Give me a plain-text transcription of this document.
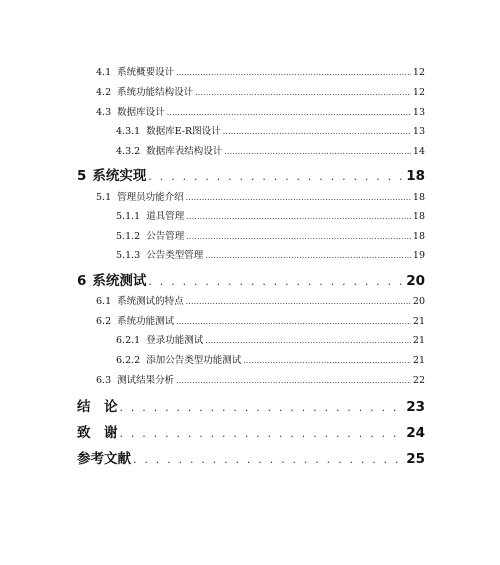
4.1 系统概要设计 . . .	12
4.2 系统功能结构设计 . . .	12
4.3 数据库设计 . . .	13
4.3.1 数据库E-R图设计 . . .	13
4.3.2 数据库表结构设计 . . .	14
5 系统实现 . . .	18
5.1 管理员功能介绍 . . .	18
5.1.1 道具管理 . . .	18
5.1.2 公告管理 . . .	18
5.1.3 公告类型管理 . . .	19
6 系统测试 . . .	20
6.1 系统测试的特点 . . .	20
6.2 系统功能测试 . . .	21
6.2.1 登录功能测试 . . .	21
6.2.2 添加公告类型功能测试 . . .	21
6.3 测试结果分析 . . .	22
结　论 . . .	23
致　谢 . . .	24
参考文献 . . .	25
